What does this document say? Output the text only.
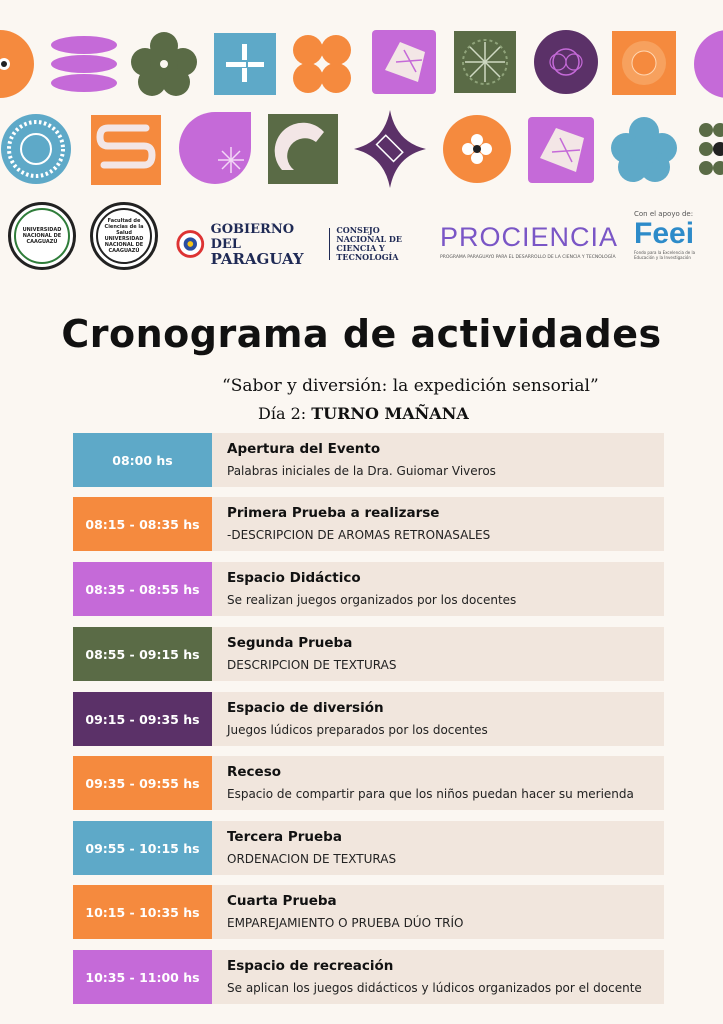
UNIVERSIDAD NACIONAL DE CAAGUAZÚ
Facultad de Ciencias de la Salud UNIVERSIDAD NACIONAL DE CAAGUAZÚ
GOBIERNO DEL
PARAGUAY
CONSEJO NACIONAL DE CIENCIA Y TECNOLOGÍA
PROCIENCIA
PROGRAMA PARAGUAYO PARA EL DESARROLLO DE LA CIENCIA Y TECNOLOGÍA
Con el apoyo de:
Feei
Fondo para la Excelencia de la Educación y la Investigación
Cronograma de actividades
“Sabor y diversión: la expedición sensorial”
Día 2: TURNO MAÑANA
08:00 hs
Apertura del Evento
Palabras iniciales de la Dra. Guiomar Viveros
08:15 - 08:35 hs
Primera Prueba a realizarse
-DESCRIPCION DE AROMAS RETRONASALES
08:35 - 08:55 hs
Espacio Didáctico
Se realizan juegos organizados por los docentes
08:55 - 09:15 hs
Segunda Prueba
DESCRIPCION DE TEXTURAS
09:15 - 09:35 hs
Espacio de diversión
Juegos lúdicos preparados por los docentes
09:35 - 09:55 hs
Receso
Espacio de compartir para que los niños puedan hacer su merienda
09:55 - 10:15 hs
Tercera Prueba
ORDENACION DE TEXTURAS
10:15 - 10:35 hs
Cuarta Prueba
EMPAREJAMIENTO O PRUEBA DÚO TRÍO
10:35 - 11:00 hs
Espacio de recreación
Se aplican los juegos didácticos y lúdicos organizados por el docente
